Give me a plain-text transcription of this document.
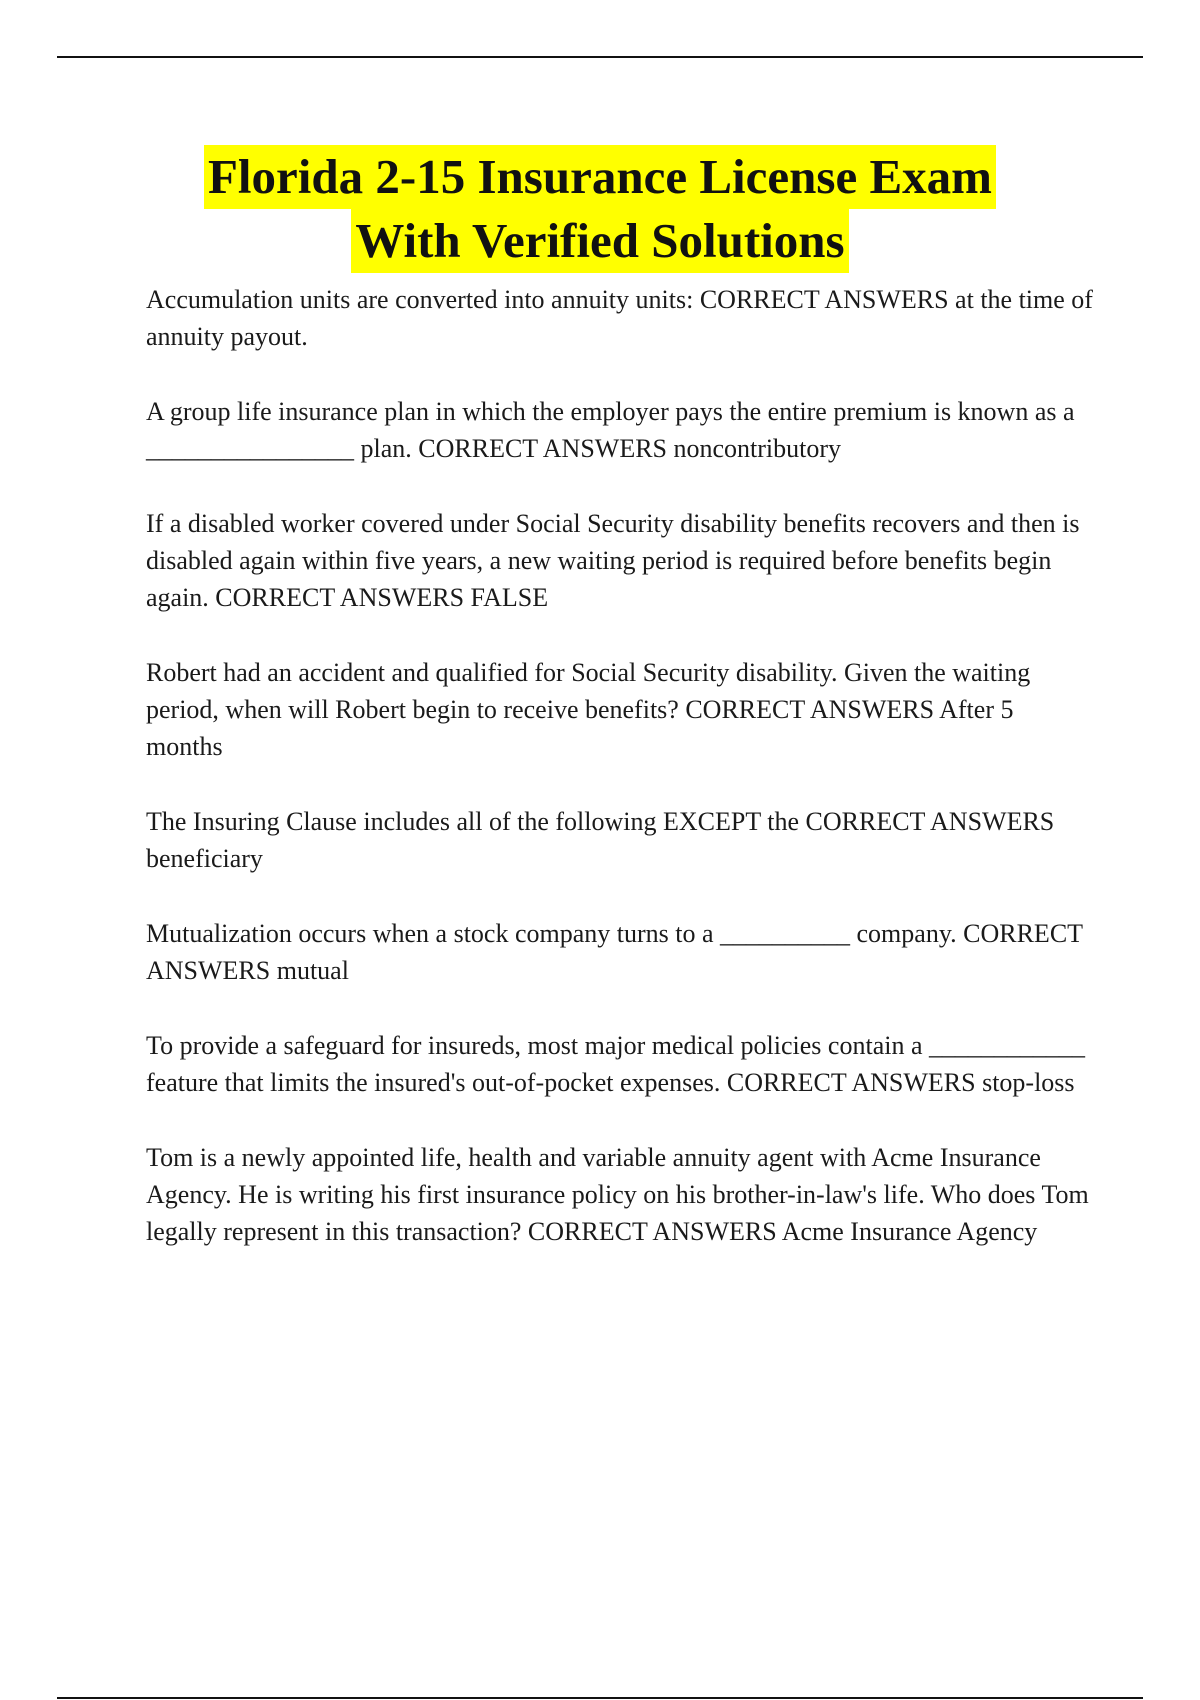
Florida 2-15 Insurance License Exam
With Verified Solutions

Accumulation units are converted into annuity units: CORRECT ANSWERS at the time of annuity payout.

A group life insurance plan in which the employer pays the entire premium is known as a ________________ plan. CORRECT ANSWERS noncontributory

If a disabled worker covered under Social Security disability benefits recovers and then is disabled again within five years, a new waiting period is required before benefits begin again. CORRECT ANSWERS FALSE

Robert had an accident and qualified for Social Security disability. Given the waiting period, when will Robert begin to receive benefits? CORRECT ANSWERS After 5 months

The Insuring Clause includes all of the following EXCEPT the CORRECT ANSWERS beneficiary

Mutualization occurs when a stock company turns to a __________ company. CORRECT ANSWERS mutual

To provide a safeguard for insureds, most major medical policies contain a ____________ feature that limits the insured's out-of-pocket expenses. CORRECT ANSWERS stop-loss

Tom is a newly appointed life, health and variable annuity agent with Acme Insurance Agency. He is writing his first insurance policy on his brother-in-law's life. Who does Tom legally represent in this transaction? CORRECT ANSWERS Acme Insurance Agency
